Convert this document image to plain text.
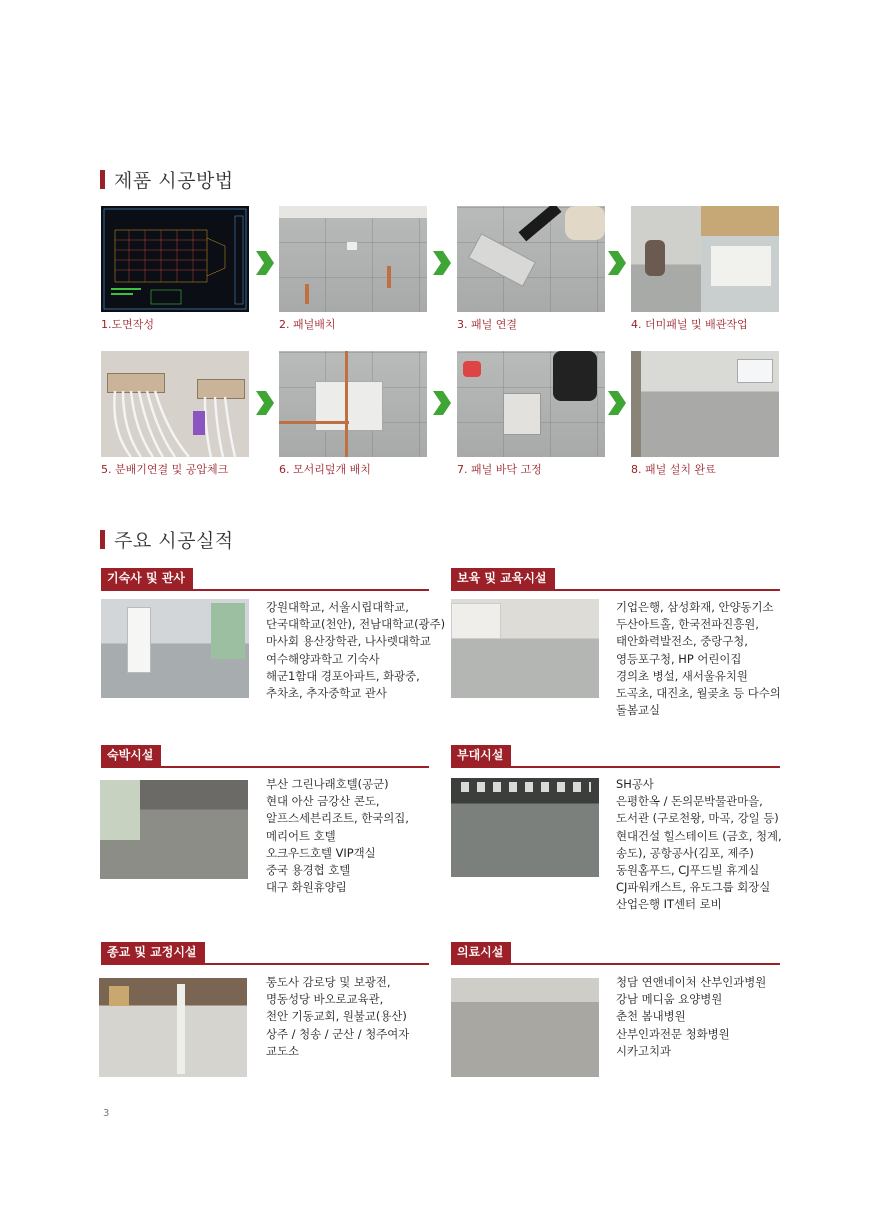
제품 시공방법
1.도면작성	2. 패널배치	3. 패널 연결	4. 더미패널 및 배관작업
5. 분배기연결 및 공압체크	6. 모서리덮개 배치	7. 패널 바닥 고정	8. 패널 설치 완료
주요 시공실적
기숙사 및 관사
강원대학교, 서울시립대학교,
단국대학교(천안), 전남대학교(광주)
마사회 용산장학관, 나사렛대학교
여수해양과학고 기숙사
해군1함대 경포아파트, 화광중,
추차초, 추자중학교 관사
보육 및 교육시설
기업은행, 삼성화재, 안양동기소
두산아트홀, 한국전파진흥원,
태안화력발전소, 중랑구청,
영등포구청, HP 어린이집
경의초 병설, 새서울유치원
도곡초, 대진초, 월곶초 등 다수의
돌봄교실
숙박시설
부산 그린나래호텔(공군)
현대 아산 금강산 콘도,
알프스세븐리조트, 한국의집,
메리어트 호텔
오크우드호텔 VIP객실
중국 용경협 호텔
대구 화원휴양림
부대시설
SH공사
은평한옥 / 돈의문박물관마을,
도서관 (구로천왕, 마곡, 강일 등)
현대건설 힐스테이트 (금호, 청계,
송도), 공항공사(김포, 제주)
동원홈푸드, CJ푸드빌 휴게실
CJ파워캐스트, 유도그룹 회장실
산업은행 IT센터 로비
종교 및 교정시설
통도사 감로당 및 보광전,
명동성당 바오로교육관,
천안 기동교회, 원불교(용산)
상주 / 청송 / 군산 / 청주여자
교도소
의료시설
청담 연앤네이처 산부인과병원
강남 메디움 요양병원
춘천 봄내병원
산부인과전문 청화병원
시카고치과
3
